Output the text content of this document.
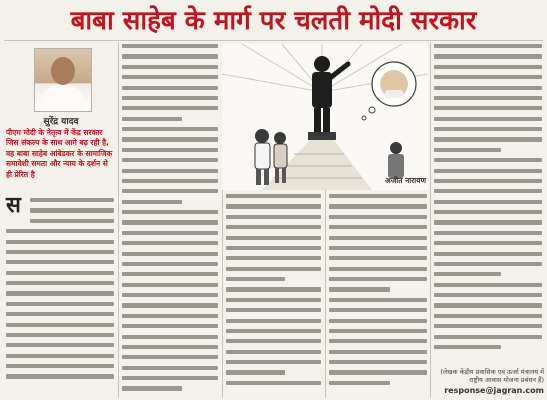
बाबा साहेब के मार्ग पर चलती मोदी सरकार
सुरेंद्र यादव
पीएम मोदी के नेतृत्व में केंद्र सरकार जिस संकल्प के साथ आगे बढ़ रही है, वह बाबा साहेब आंबेडकर के सामाजिक समावेशी समता और न्याय के दर्शन से ही प्रेरित है
अजीत नारायण
स
(लेखक केंद्रीय प्रवासिक एवं ऊर्जा मंत्रालय में राष्ट्रीय आवास योजना प्रबंधन हैं)
response@jagran.com
